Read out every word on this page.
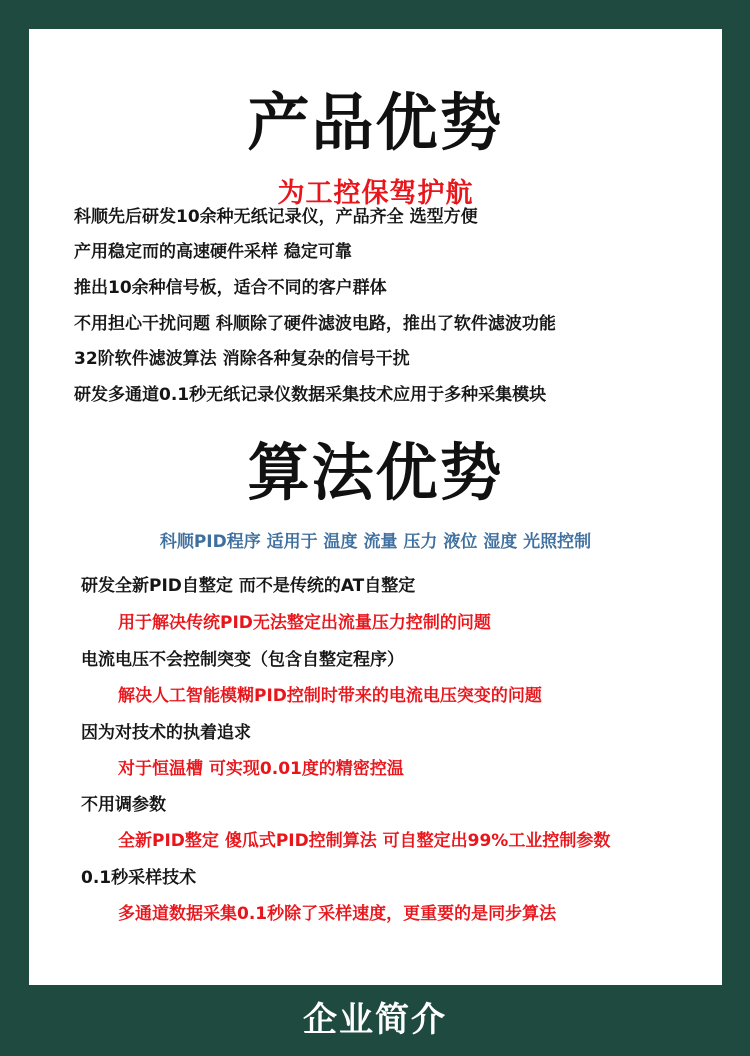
产品优势
为工控保驾护航
科顺先后研发10余种无纸记录仪，产品齐全 选型方便
产用稳定而的高速硬件采样 稳定可靠
推出10余种信号板，适合不同的客户群体
不用担心干扰问题 科顺除了硬件滤波电路，推出了软件滤波功能
32阶软件滤波算法 消除各种复杂的信号干扰
研发多通道0.1秒无纸记录仪数据采集技术应用于多种采集模块
算法优势
科顺PID程序 适用于 温度 流量 压力 液位 湿度 光照控制
研发全新PID自整定 而不是传统的AT自整定
用于解决传统PID无法整定出流量压力控制的问题
电流电压不会控制突变（包含自整定程序）
解决人工智能模糊PID控制时带来的电流电压突变的问题
因为对技术的执着追求
对于恒温槽 可实现0.01度的精密控温
不用调参数
全新PID整定 傻瓜式PID控制算法 可自整定出99%工业控制参数
0.1秒采样技术
多通道数据采集0.1秒除了采样速度，更重要的是同步算法
企业简介
